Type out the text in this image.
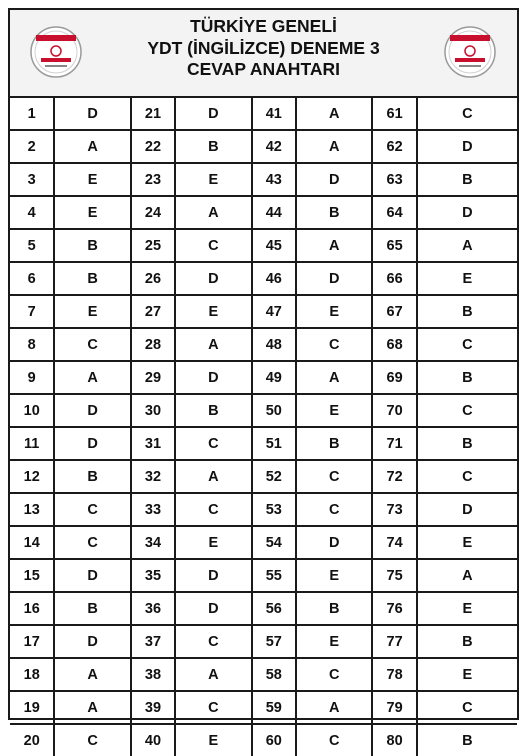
TÜRKİYE GENELİ
YDT (İNGİLİZCE) DENEME 3
CEVAP ANAHTARI
1	D	21	D	41	A	61	C
2	A	22	B	42	A	62	D
3	E	23	E	43	D	63	B
4	E	24	A	44	B	64	D
5	B	25	C	45	A	65	A
6	B	26	D	46	D	66	E
7	E	27	E	47	E	67	B
8	C	28	A	48	C	68	C
9	A	29	D	49	A	69	B
10	D	30	B	50	E	70	C
11	D	31	C	51	B	71	B
12	B	32	A	52	C	72	C
13	C	33	C	53	C	73	D
14	C	34	E	54	D	74	E
15	D	35	D	55	E	75	A
16	B	36	D	56	B	76	E
17	D	37	C	57	E	77	B
18	A	38	A	58	C	78	E
19	A	39	C	59	A	79	C
20	C	40	E	60	C	80	B
